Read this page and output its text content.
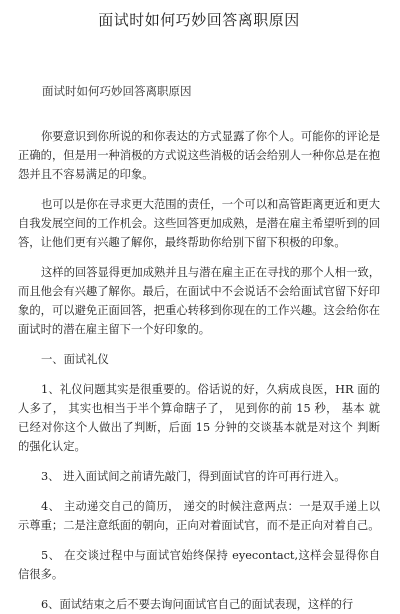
面试时如何巧妙回答离职原因
面试时如何巧妙回答离职原因

你要意识到你所说的和你表达的方式显露了你个人。可能你的评论是正确的，但是用一种消极的方式说这些消极的话会给别人一种你总是在抱怨并且不容易满足的印象。

也可以是你在寻求更大范围的责任，一个可以和高管距离更近和更大自我发展空间的工作机会。这些回答更加成熟，是潜在雇主希望听到的回答，让他们更有兴趣了解你，最终帮助你给别下留下积极的印象。

这样的回答显得更加成熟并且与潜在雇主正在寻找的那个人相一致，而且他会有兴趣了解你。最后，在面试中不会说话不会给面试官留下好印象的，可以避免正面回答，把重心转移到你现在的工作兴趣。这会给你在面试时的潜在雇主留下一个好印象的。

一、面试礼仪

1、礼仪问题其实是很重要的。俗话说的好，久病成良医，HR 面的人多了， 其实也相当于半个算命瞎子了， 见到你的前 15 秒， 基本 就已经对你这个人做出了判断，后面 15 分钟的交谈基本就是对这个 判断的强化认定。

3、 进入面试间之前请先敲门，得到面试官的许可再行进入。

4、 主动递交自己的简历， 递交的时候注意两点：一是双手递上以示尊重；二是注意纸面的朝向，正向对着面试官，而不是正向对着自己。

5、 在交谈过程中与面试官始终保持 eyecontact,这样会显得你自信很多。

6、面试结束之后不要去询问面试官自己的面试表现，这样的行
